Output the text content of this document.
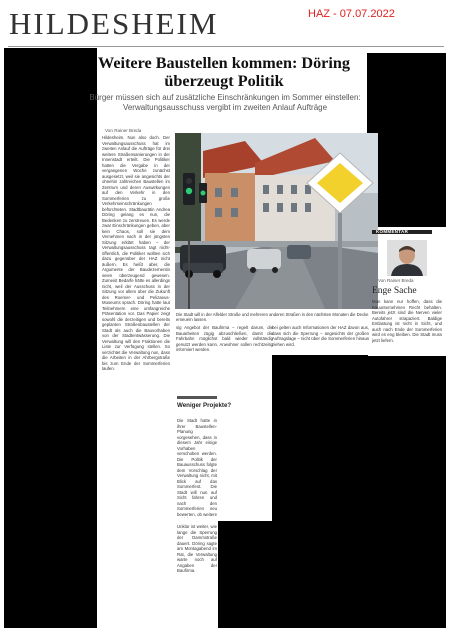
HILDESHEIM	HAZ - 07.07.2022
Weitere Baustellen kommen: Döring überzeugt Politik
Bürger müssen sich auf zusätzliche Einschränkungen im Sommer einstellen: Verwaltungsausschuss vergibt im zweiten Anlauf Aufträge
Von Rainer Breda
Hildesheim. Nun also doch. Der Verwaltungsausschuss hat im zweiten Anlauf die Aufträge für drei weitere Straßensanierungen in der Innenstadt erteilt. Die Politiker hatten die Vergabe in der vergangenen Woche zunächst ausgesetzt, weil sie angesichts der ohnehin zahlreichen Baustellen im Zentrum und deren Auswirkungen auf den Verkehr in den Sommerferien zu große Verkehrseinschränkungen befürchteten. Stadtbaurätin Andrea Döring gelang es nun, die Bedenken zu zerstreuen. Es werde zwar Einschränkungen geben, aber kein Chaos, soll sie dem Vernehmen nach in der jüngsten Sitzung erklärt haben – der Verwaltungsausschuss tagt nicht-öffentlich, die Politiker wollten sich dazu gegenüber der HAZ nicht äußern. Es heißt aber, die Argumente der Baudezernentin seien überzeugend gewesen. Zumeist Bedarfe hätte es allerdings nicht, weil der Ausschuss in der Sitzung vor allem über die Zukunft des Roemer- und Pelizaeus-Museums sprach. Döring hatte laut Teilnehmern eine umfangreiche Präsentation vor. Das Papier zeigt sowohl die derzeitigen und bereits geplanten Straßenbaustellen der Stadt als auch die Bauvorhaben von der Stadtentwässerung. Die Verwaltung will den Fraktionen die Liste zur Verfügung stellen. So verzichtet die Verwaltung nun, dass die Arbeiten in der Ahrbergstraße bis zum Ende der Sommerferien laufen.
Die Stadt will in der Alfelder Straße und mehreren anderen Straßen in den nächsten Monaten die Decke erneuern lassen.
sig Angebot der Baufirma – regelt darum, die Bauarbeiten zügig abzuschließen, damit die Fahrbahn möglichst bald wieder vollständig genutzt werden kann. Anwohner sollen rechtzeitig informiert werden.
bei gelten auch Informationen der HAZ davon aus, dass sich die Sperrung – angesichts der großen Auftragslage – nicht über die Sommerferien hinaus ziehen wird.
Weniger Projekte?
Die Stadt hatte in ihrer Baustellen-Planung vorgesehen, dass in diesem Jahr einige Vorhaben verschoben werden. Die Politik der Bauausschuss folgte dem Vorschlag der Verwaltung nicht, mit Blick auf das Sommerfest. Die Stadt will nun auf Sicht fahren und nach den Sommerferien neu bewerten, ob weitere
KOMMENTAR
Von Rainer Breda
Enge Sache
Man kann nur hoffen, dass die Bauunternehmen Recht behalten. Bereits jetzt sind die Nerven vieler Autofahrer strapaziert. Baldige Entlastung ist nicht in Sicht, und auch nach Ende der Sommerferien wird es eng bleiben. Die Stadt muss jetzt liefern.
Unklar ist weiter, wie lange die Sperrung der Dammstraße dauert. Döring sagte am Montagabend im Rat, die Verwaltung warte noch auf Angaben der Baufirma.
